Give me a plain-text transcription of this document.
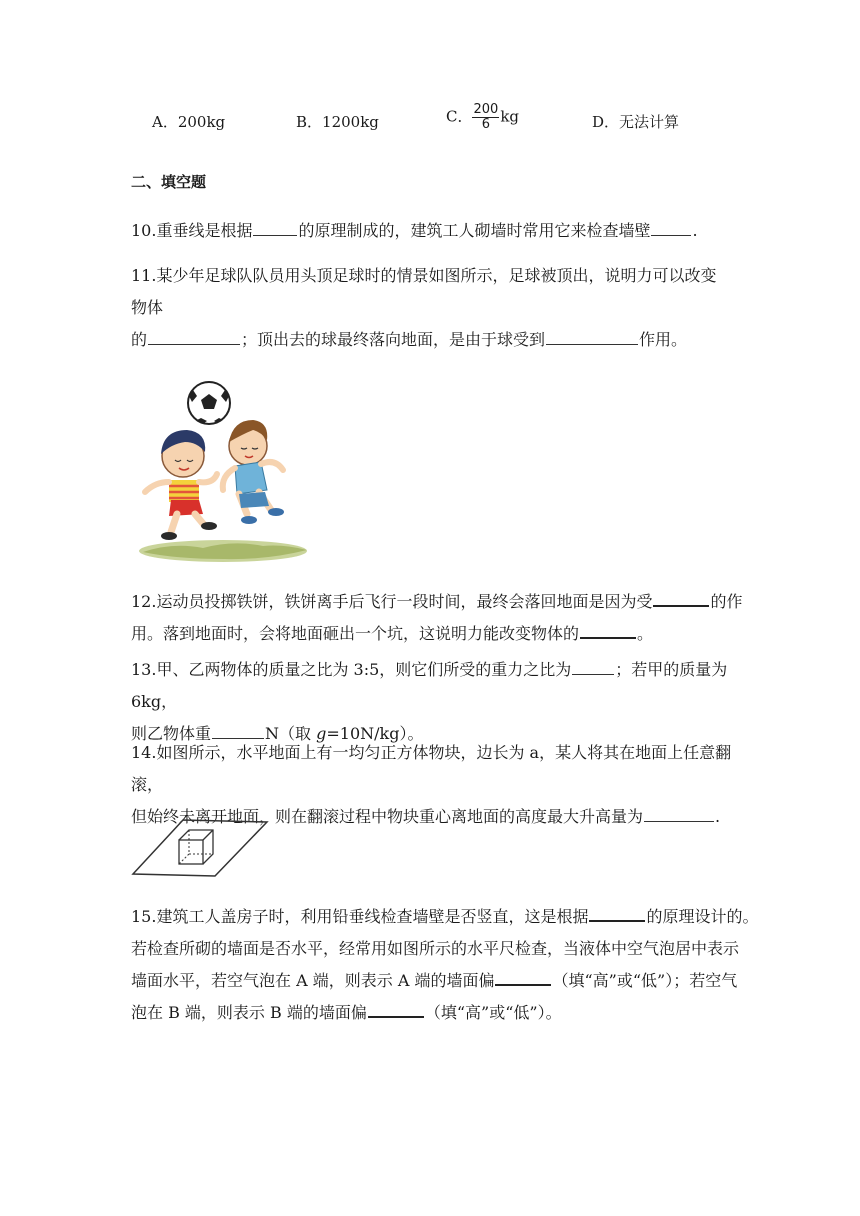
A．200kg	B．1200kg	C． $\frac{200}{6}$ kg	D．无法计算
二、填空题
10.重垂线是根据	的原理制成的，建筑工人砌墙时常用它来检查墙壁	.

11.某少年足球队队员用头顶足球时的情景如图所示，足球被顶出，说明力可以改变物体

的	；顶出去的球最终落向地面，是由于球受到	作用。

12.运动员投掷铁饼，铁饼离手后飞行一段时间，最终会落回地面是因为受	的作

用。落到地面时，会将地面砸出一个坑，这说明力能改变物体的	。

13.甲、乙两物体的质量之比为 3:5，则它们所受的重力之比为	；若甲的质量为 6kg，

则乙物体重	N（取 g=10N/kg）。

14.如图所示，水平地面上有一均匀正方体物块，边长为 a，某人将其在地面上任意翻滚，

但始终未离开地面，则在翻滚过程中物块重心离地面的高度最大升高量为	.

15.建筑工人盖房子时，利用铅垂线检查墙壁是否竖直，这是根据	的原理设计的。

若检查所砌的墙面是否水平，经常用如图所示的水平尺检查，当液体中空气泡居中表示

墙面水平，若空气泡在 A 端，则表示 A 端的墙面偏	（填“高”或“低”）；若空气

泡在 B 端，则表示 B 端的墙面偏	（填“高”或“低”）。
